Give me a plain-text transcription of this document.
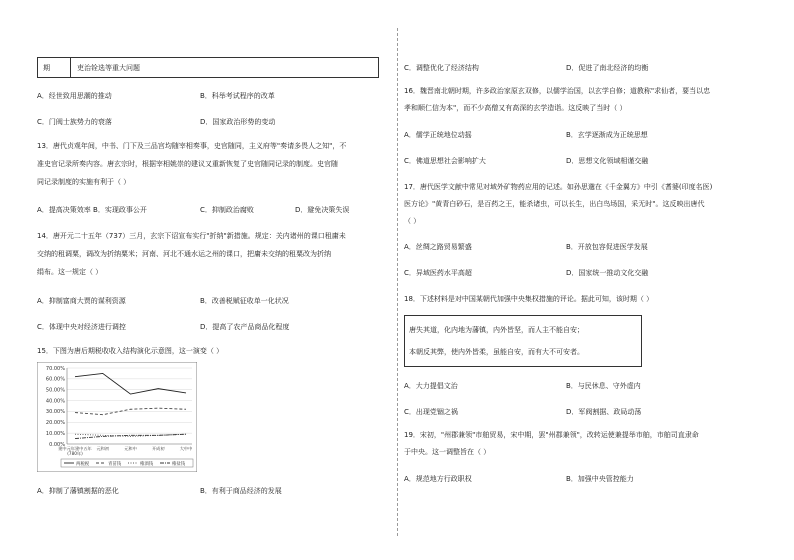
期	吏治铨选等重大问题
A．经世致用思潮的推动	B．科举考试程序的改革
C．门阀士族势力的衰落	D．国家政治形势的变动
13．唐代贞观年间，中书、门下及三品宫均随宰相奏事，史官随同，主义府等"奏请多畏人之知"，不
准史官记录所奏内容。唐玄宗时，根据宰相姚崇的建议又重新恢复了史官随同记录的制度。史官随
同记录制度的实施有利于（ ）
A．提高决策效率 B．实现政事公开	C．抑制政治腐败	D．避免决策失误
14．唐开元二十五年（737）三月，玄宗下诏宣布实行"折纳"新措施。规定：关内诸州的课口租庸未
交纳的租调粟，调改为折纳粟米；河南、河北不通水运之州的课口，把庸未交纳的租粟改为折纳
绢布。这一规定（ ）
A．抑制富商大贾的谋利资源	B．改善税赋征收单一化状况
C．体现中央对经济进行调控	D．提高了农产品商品化程度
15．下图为唐后期税收收入结构演化示意图，这一演变（ ）
0.00%
10.00%
20.00%
30.00%
40.00%
50.00%
60.00%
70.00%
建中元年建中五年(780年)
元和初	元和中	开成初	大中中
两税税	青苗钱	榷酒钱	榷盐钱
A．抑制了藩镇割据的恶化	B．有利于商品经济的发展
C．调整优化了经济结构	D．促进了南北经济的均衡
16．魏晋南北朝时期，许多政治家原玄双修，以儒学治国，以玄学自修；道教称"求仙者，要当以忠
孝和顺仁信为本"，而不少高僧又有高深的玄学造诣。这反映了当时（ ）
A．儒学正统地位动摇	B．玄学逐渐成为正统思想
C．佛道思想社会影响扩大	D．思想文化领域相谨交融
17．唐代医学文献中常见对域外矿物药应用的记述。如孙思邈在《千金翼方》中引《耆婆(印度名医)
医方论》"黄青白砂石，是百药之王，能杀诸虫，可以长生，出白鸟场国，采无时"。这反映出唐代
（ ）
A．丝绸之路贸易繁盛	B．开放包容促进医学发展
C．异域医药水平高超	D．国家统一推动文化交融
18．下述材料是对中国某朝代加强中央集权措施的评论。据此可知，该时期（ ）
唐失其道，化内地为藩镇，内外皆坚，而人主不能自安；
本朝反其弊，使内外皆柔，虽能自安，而有大不可安者。
A．大力提倡文治	B．与民休息、守外虚内
C．出现党锢之祸	D．军阀割据、政局动荡
19．宋初，"州郡兼领"市舶贸易，宋中期，罢"州郡兼领"，改转运使兼提举市舶，市舶司直隶命
于中央。这一调整旨在（ ）
A．规范地方行政职权	B．加强中央管控能力
